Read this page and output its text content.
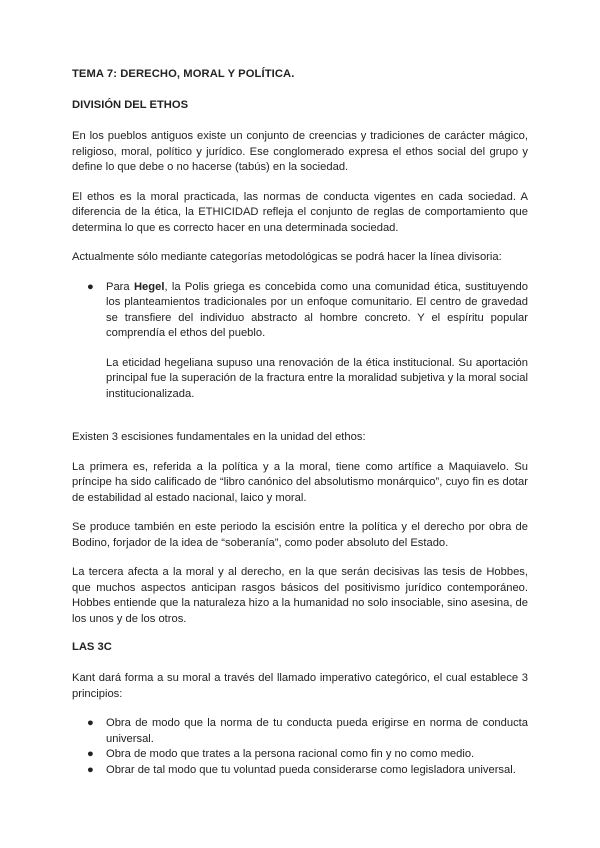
TEMA 7: DERECHO, MORAL Y POLÍTICA.
DIVISIÓN DEL ETHOS

En los pueblos antiguos existe un conjunto de creencias y tradiciones de carácter mágico, religioso, moral, político y jurídico. Ese conglomerado expresa el ethos social del grupo y define lo que debe o no hacerse (tabús) en la sociedad.

El ethos es la moral practicada, las normas de conducta vigentes en cada sociedad. A diferencia de la ética, la ETHICIDAD refleja el conjunto de reglas de comportamiento que determina lo que es correcto hacer en una determinada sociedad.

Actualmente sólo mediante categorías metodológicas se podrá hacer la línea divisoria:

● Para Hegel, la Polis griega es concebida como una comunidad ética, sustituyendo los planteamientos tradicionales por un enfoque comunitario. El centro de gravedad se transfiere del individuo abstracto al hombre concreto. Y el espíritu popular comprendía el ethos del pueblo.

La eticidad hegeliana supuso una renovación de la ética institucional. Su aportación principal fue la superación de la fractura entre la moralidad subjetiva y la moral social institucionalizada.

Existen 3 escisiones fundamentales en la unidad del ethos:

La primera es, referida a la política y a la moral, tiene como artífice a Maquiavelo. Su príncipe ha sido calificado de “libro canónico del absolutismo monárquico”, cuyo fin es dotar de estabilidad al estado nacional, laico y moral.

Se produce también en este periodo la escisión entre la política y el derecho por obra de Bodino, forjador de la idea de “soberanía”, como poder absoluto del Estado.

La tercera afecta a la moral y al derecho, en la que serán decisivas las tesis de Hobbes, que muchos aspectos anticipan rasgos básicos del positivismo jurídico contemporáneo. Hobbes entiende que la naturaleza hizo a la humanidad no solo insociable, sino asesina, de los unos y de los otros.

LAS 3C

Kant dará forma a su moral a través del llamado imperativo categórico, el cual establece 3 principios:

● Obra de modo que la norma de tu conducta pueda erigirse en norma de conducta universal.
● Obra de modo que trates a la persona racional como fin y no como medio.
● Obrar de tal modo que tu voluntad pueda considerarse como legisladora universal.
